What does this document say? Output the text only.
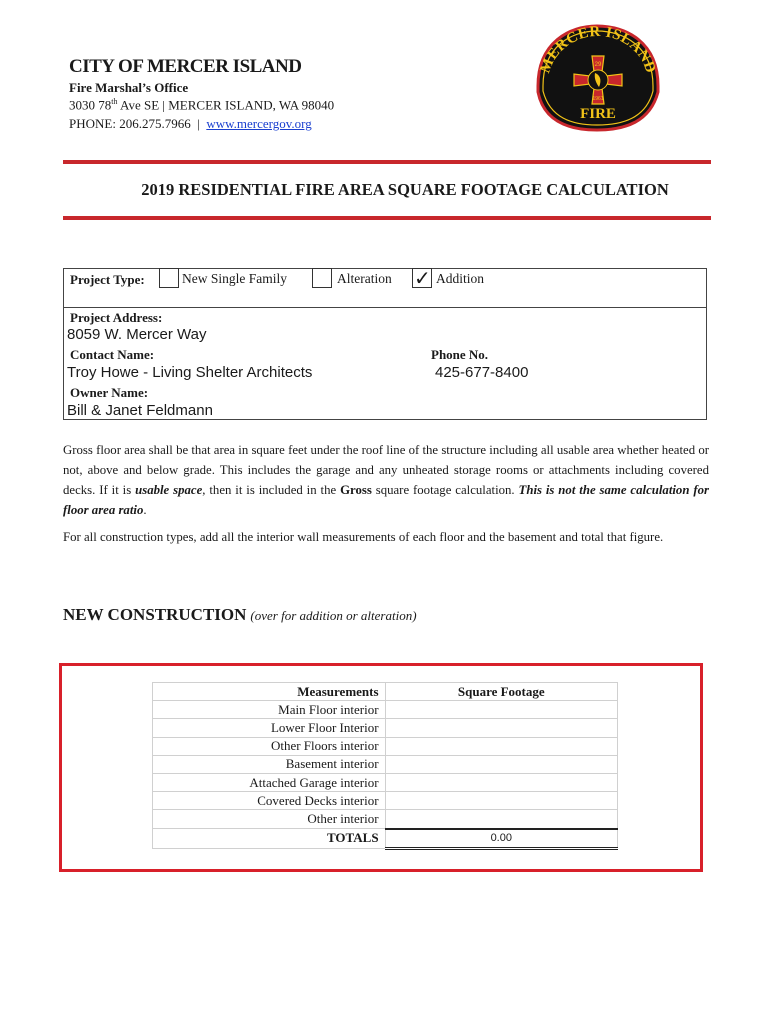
CITY OF MERCER ISLAND
Fire Marshal’s Office
3030 78th Ave SE | MERCER ISLAND, WA 98040
PHONE: 206.275.7966  |  www.mercergov.org
MERCER ISLAND
29
1961
FIRE
2019 RESIDENTIAL FIRE AREA SQUARE FOOTAGE CALCULATION
Project Type:	New Single Family	Alteration ✓ Addition
Project Address:
8059 W. Mercer Way
Contact Name:
Troy Howe - Living Shelter Architects
Phone No.
425-677-8400
Owner Name:
Bill & Janet Feldmann
Gross floor area shall be that area in square feet under the roof line of the structure including all usable area whether heated or not, above and below grade. This includes the garage and any unheated storage rooms or attachments including covered decks. If it is usable space, then it is included in the Gross square footage calculation. This is not the same calculation for floor area ratio.
For all construction types, add all the interior wall measurements of each floor and the basement and total that figure.
NEW CONSTRUCTION (over for addition or alteration)
Measurements	Square Footage
Main Floor interior	
Lower Floor Interior	
Other Floors interior	
Basement interior	
Attached Garage interior	
Covered Decks interior	
Other interior	
TOTALS	0.00
